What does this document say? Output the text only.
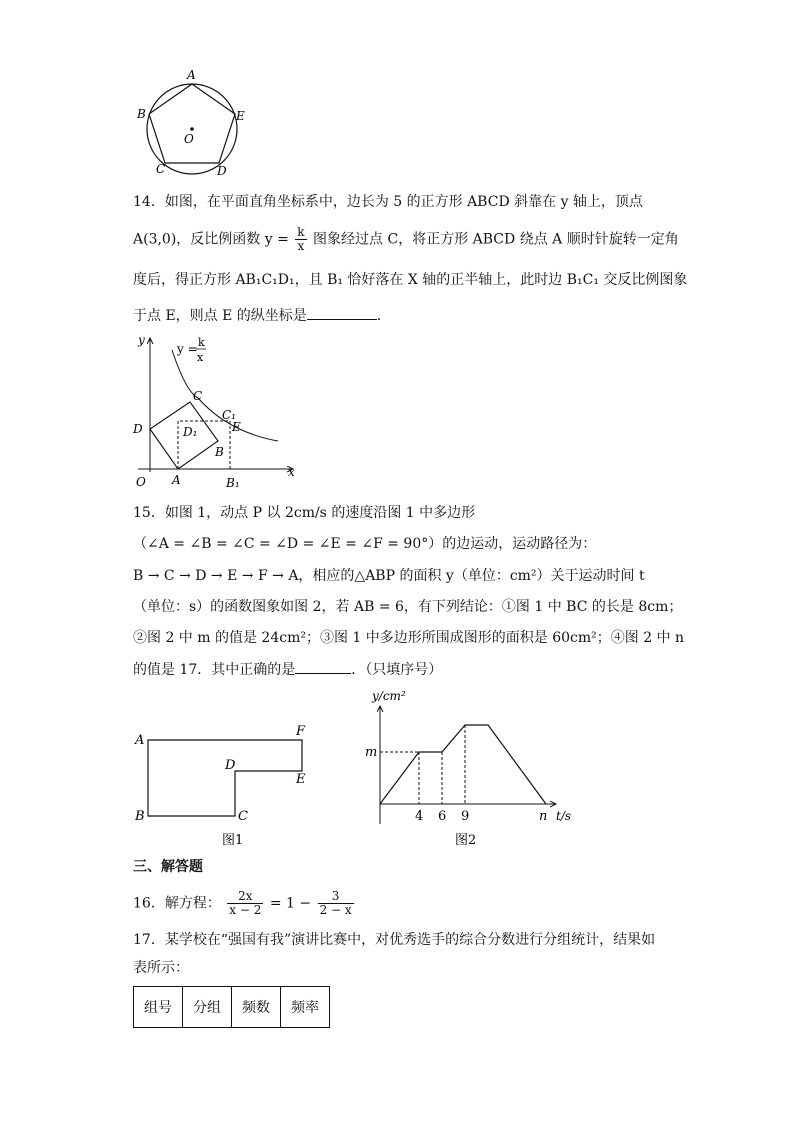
A
B	E
C	D
O
14．如图，在平面直角坐标系中，边长为 5 的正方形 ABCD 斜靠在 y 轴上，顶点
A(3,0)，反比例函数 $y = \frac{k}{x}$ 图象经过点 C，将正方形 ABCD 绕点 A 顺时针旋转一定角
度后，得正方形 AB₁C₁D₁，且 B₁ 恰好落在 X 轴的正半轴上，此时边 B₁C₁ 交反比例图象
于点 E，则点 E 的纵坐标是	．
y
x
O
y = k
x
C
C₁
D	D₁	E
B
A	B₁
15．如图 1，动点 P 以 2cm/s 的速度沿图 1 中多边形
（∠A = ∠B = ∠C = ∠D = ∠E = ∠F = 90°）的边运动，运动路径为：
B → C → D → E → F → A，相应的△ABP 的面积 y（单位：cm²）关于运动时间 t
（单位：s）的函数图象如图 2，若 AB = 6，有下列结论：①图 1 中 BC 的长是 8cm；
②图 2 中 m 的值是 24cm²；③图 1 中多边形所围成图形的面积是 60cm²；④图 2 中 n
的值是 17．其中正确的是	．（只填序号）
A
F
D
E
B	C
图1
y/cm²
m
4 6 9	n t/s
图2
三、解答题
16．解方程： $\frac{2x}{x - 2} = 1 - \frac{3}{2 - x}$
17．某学校在“强国有我”演讲比赛中，对优秀选手的综合分数进行分组统计，结果如
表所示：
组号	分组	频数	频率
